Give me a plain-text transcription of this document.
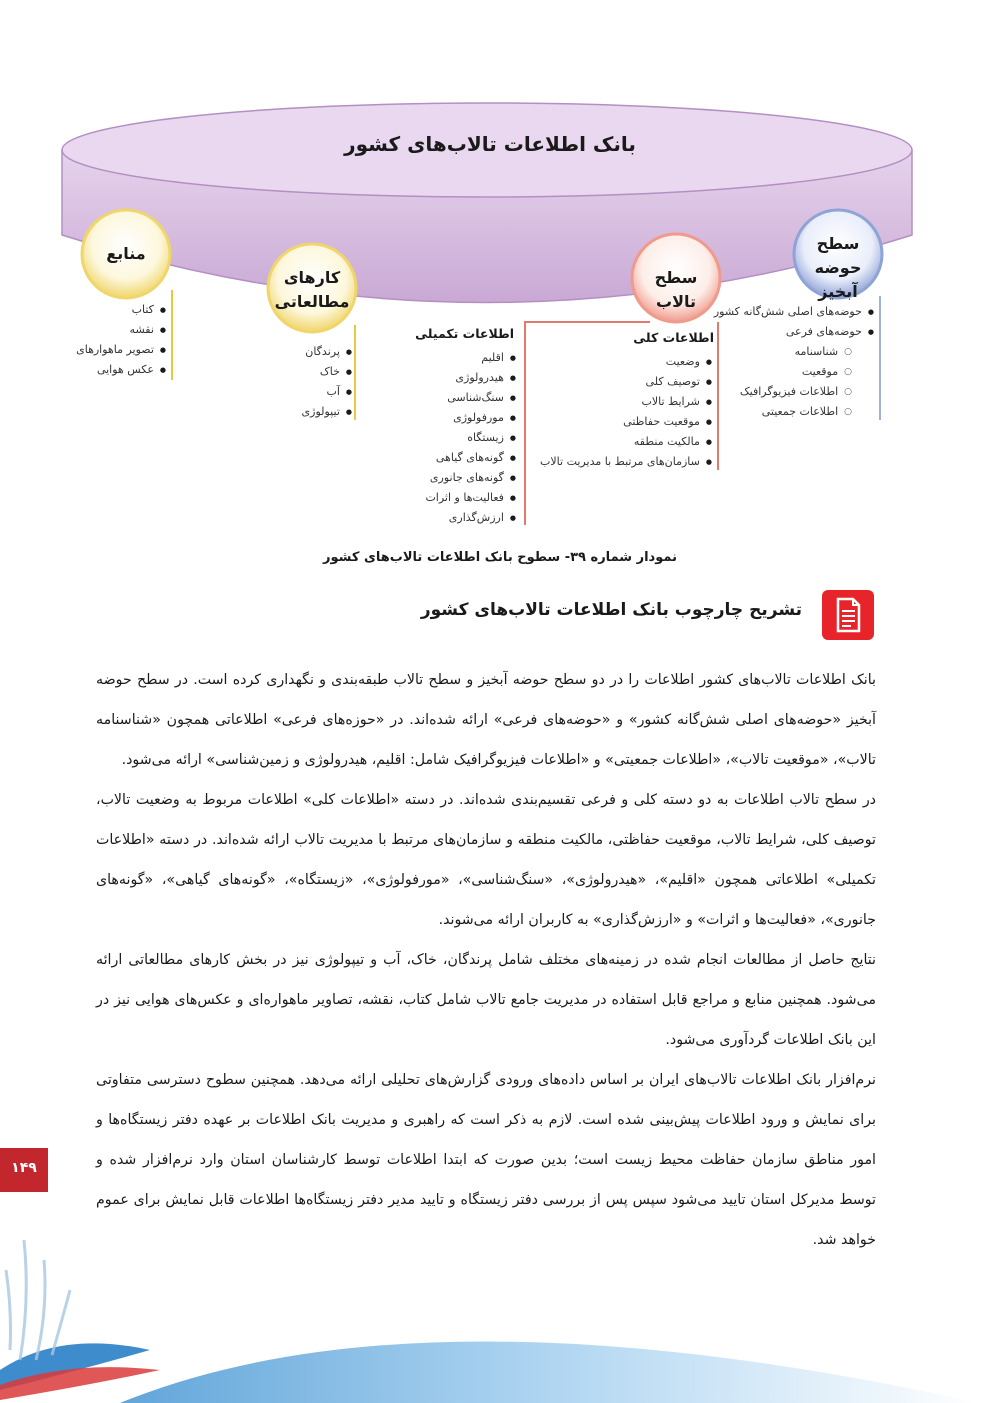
بانک اطلاعات تالاب‌های کشور
سطح حوضه آبخیز
سطح تالاب
کارهای
مطالعاتی
منابع
● حوضه‌های اصلی شش‌گانه کشور
● حوضه‌های فرعی
○ شناسنامه
○ موقعیت
○ اطلاعات فیزیوگرافیک
○ اطلاعات جمعیتی
اطلاعات کلی
● وضعیت
● توصیف کلی
● شرایط تالاب
● موقعیت حفاظتی
● مالکیت منطقه
● سازمان‌های مرتبط با مدیریت تالاب
اطلاعات تکمیلی
● اقلیم
● هیدرولوژی
● سنگ‌شناسی
● مورفولوژی
● زیستگاه
● گونه‌های گیاهی
● گونه‌های جانوری
● فعالیت‌ها و اثرات
● ارزش‌گذاری
● پرندگان
● خاک
● آب
● تیپولوژی
● کتاب
● نقشه
● تصویر ماهوارهای
● عکس هوایی
نمودار شماره ۳۹- سطوح بانک اطلاعات تالاب‌های کشور
تشریح چارچوب بانک اطلاعات تالاب‌های کشور

بانک اطلاعات تالاب‌های کشور اطلاعات را در دو سطح حوضه آبخیز و سطح تالاب طبقه‌بندی و نگهداری کرده است. در سطح حوضه آبخیز «حوضه‌های اصلی شش‌گانه کشور» و «حوضه‌های فرعی» ارائه شده‌اند. در «حوزه‌های فرعی» اطلاعاتی همچون «شناسنامه تالاب»، «موقعیت تالاب»، «اطلاعات جمعیتی» و «اطلاعات فیزیوگرافیک شامل: اقلیم، هیدرولوژی و زمین‌شناسی» ارائه می‌شود.

در سطح تالاب اطلاعات به دو دسته کلی و فرعی تقسیم‌بندی شده‌اند. در دسته «اطلاعات کلی» اطلاعات مربوط به وضعیت تالاب، توصیف کلی، شرایط تالاب، موقعیت حفاظتی، مالکیت منطقه و سازمان‌های مرتبط با مدیریت تالاب ارائه شده‌اند. در دسته «اطلاعات تکمیلی» اطلاعاتی همچون «اقلیم»، «هیدرولوژی»، «سنگ‌شناسی»، «مورفولوژی»، «زیستگاه»، «گونه‌های گیاهی»، «گونه‌های جانوری»، «فعالیت‌ها و اثرات» و «ارزش‌گذاری» به کاربران ارائه می‌شوند.

نتایج حاصل از مطالعات انجام شده در زمینه‌های مختلف شامل پرندگان، خاک، آب و تیپولوژی نیز در بخش کارهای مطالعاتی ارائه می‌شود. همچنین منابع و مراجع قابل استفاده در مدیریت جامع تالاب شامل کتاب، نقشه، تصاویر ماهواره‌ای و عکس‌های هوایی نیز در این بانک اطلاعات گردآوری می‌شود.

نرم‌افزار بانک اطلاعات تالاب‌های ایران بر اساس داده‌های ورودی گزارش‌های تحلیلی ارائه می‌دهد. همچنین سطوح دسترسی متفاوتی برای نمایش و ورود اطلاعات پیش‌بینی شده است. لازم به ذکر است که راهبری و مدیریت بانک اطلاعات بر عهده دفتر زیستگاه‌ها و امور مناطق سازمان حفاظت محیط زیست است؛ بدین صورت که ابتدا اطلاعات توسط کارشناسان استان وارد نرم‌افزار شده و توسط مدیرکل استان تایید می‌شود سپس پس از بررسی دفتر زیستگاه و تایید مدیر دفتر زیستگاه‌ها اطلاعات قابل نمایش برای عموم خواهد شد.

۱۴۹
